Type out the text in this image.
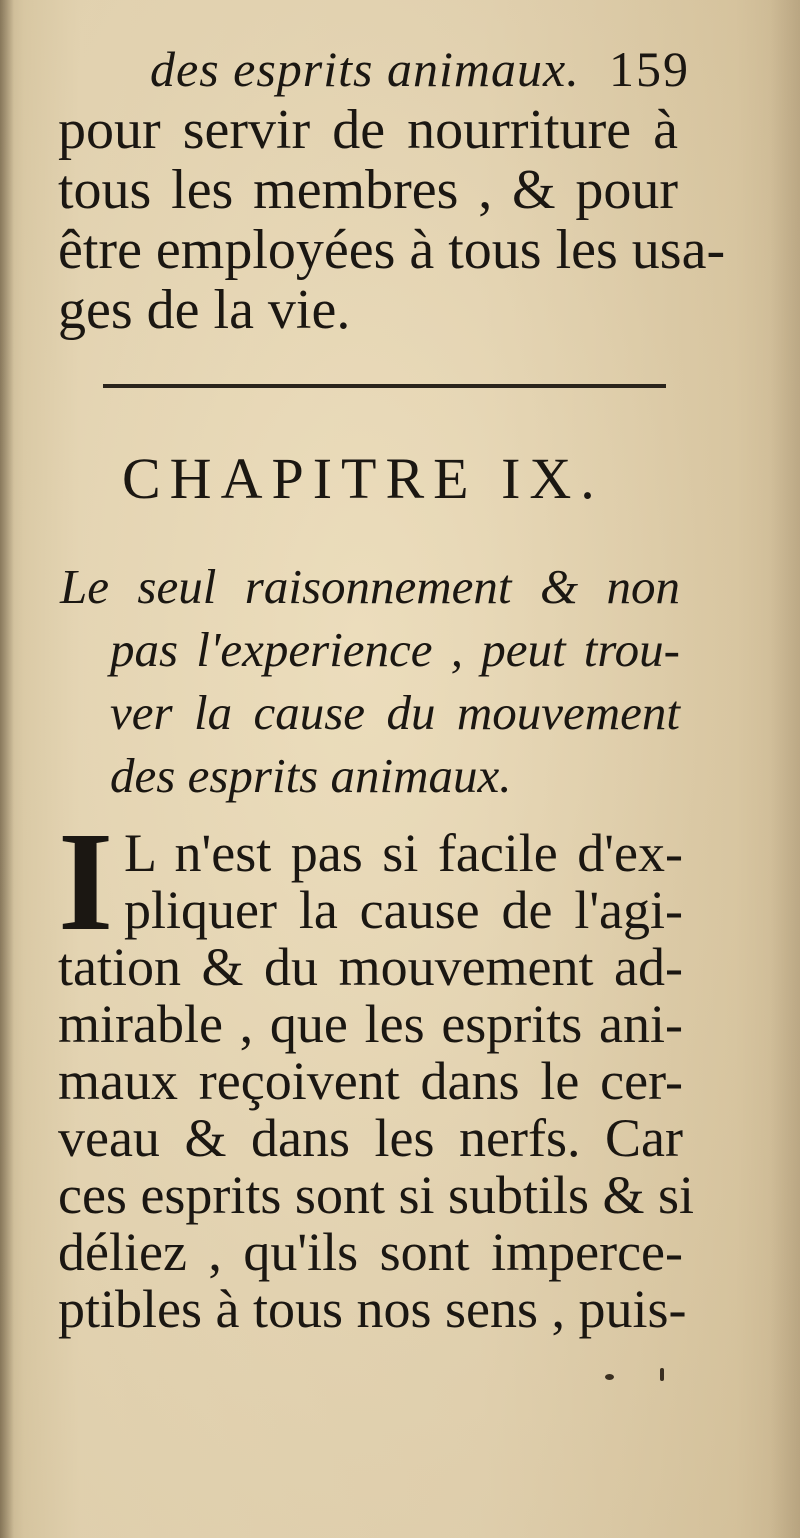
des esprits animaux. 159
pour servir de nourriture à
tous les membres , & pour
être employées à tous les usa-
ges de la vie.
CHAPITRE IX.
Le seul raisonnement & non
pas l'experience , peut trou-
ver la cause du mouvement
des esprits animaux.
I L n'est pas si facile d'ex-
pliquer la cause de l'agi-
tation & du mouvement ad-
mirable , que les esprits ani-
maux reçoivent dans le cer-
veau & dans les nerfs. Car
ces esprits sont si subtils & si
déliez , qu'ils sont imperce-
ptibles à tous nos sens , puis-
